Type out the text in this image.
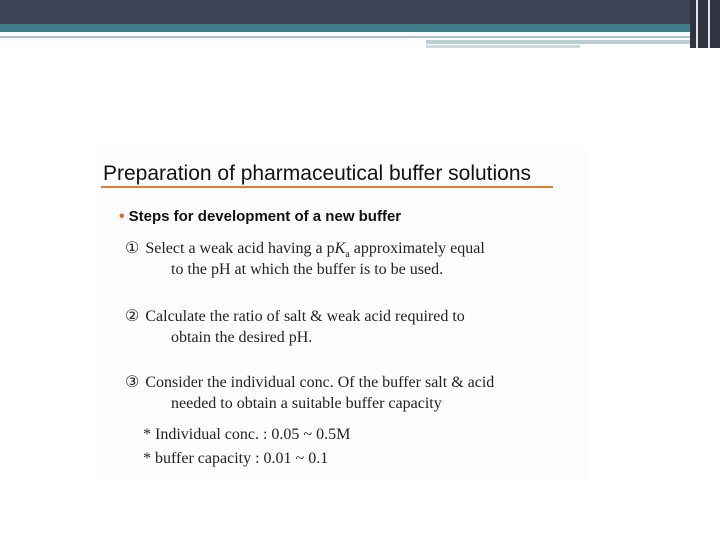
Preparation of pharmaceutical buffer solutions
• Steps for development of a new buffer

① Select a weak acid having a $pK_a$ approximately equal
to the pH at which the buffer is to be used.

② Calculate the ratio of salt & weak acid required to
obtain the desired pH.

③ Consider the individual conc. Of the buffer salt & acid
needed to obtain a suitable buffer capacity

* Individual conc. : 0.05 ~ 0.5M

* buffer capacity : 0.01 ~ 0.1
